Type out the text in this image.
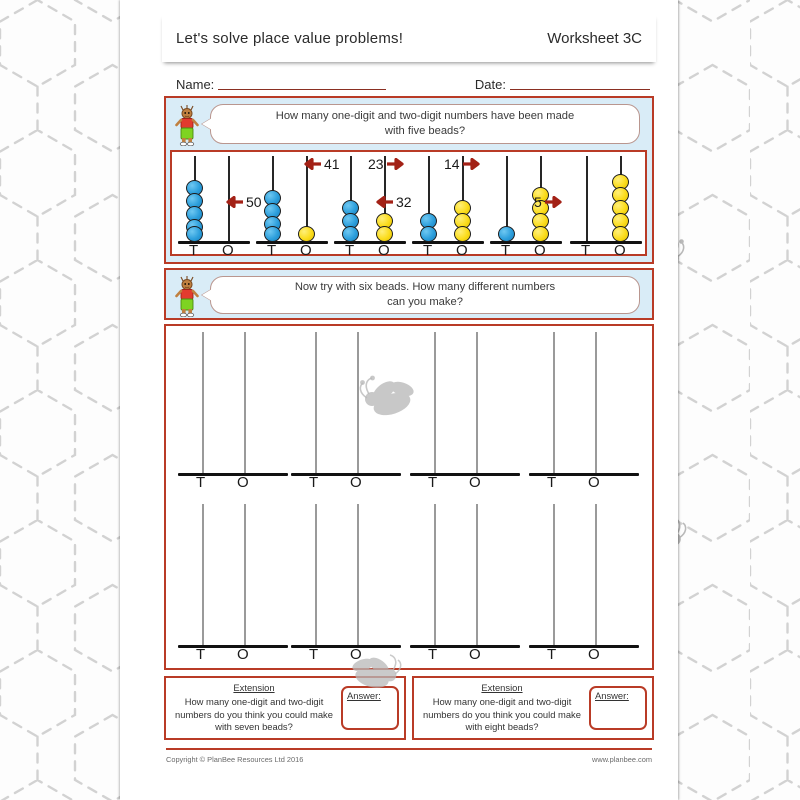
Let's solve place value problems!	Worksheet 3C
Name:	Date:
How many one-digit and two-digit numbers have been made
with five beads?
T O
50
T O
41
T O
32
T O
23
T O
14
T O
5
Now try with six beads. How many different numbers
can you make?
T O	T O	T O	T O
T O	T O	T O	T O
Extension
How many one-digit and two-digit numbers do you think you could make with seven beads?
Answer:
Extension
How many one-digit and two-digit numbers do you think you could make with eight beads?
Answer:
Copyright © PlanBee Resources Ltd 2016	www.planbee.com
